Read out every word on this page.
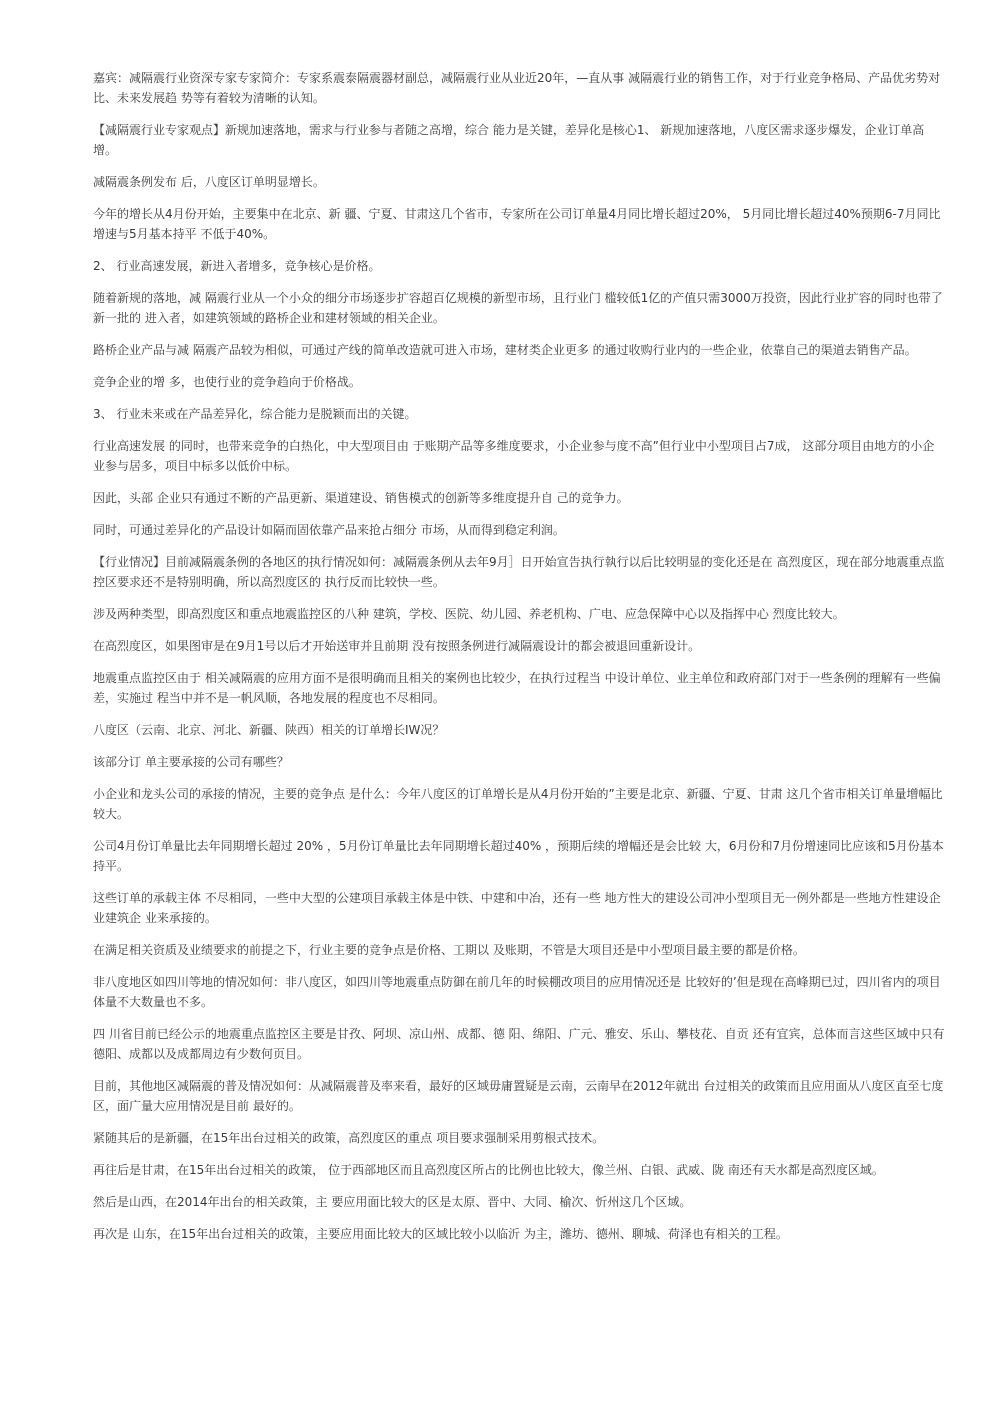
嘉宾：减隔震行业资深专家专家简介：专家系震泰隔震器材副总，减隔震行业从业近20年，—直从事 减隔震行业的销售工作，对于行业竞争格局、产品优劣势对比、未来发展趋 势等有着较为清晰的认知。

【减隔震行业专家观点】新规加速落地，需求与行业参与者随之高增，综合 能力是关键，差异化是核心1、 新规加速落地，八度区需求逐步爆发，企业订单高增。

减隔震条例发布 后，八度区订单明显增长。

今年的增长从4月份开始，主要集中在北京、新 疆、宁夏、甘肃这几个省市，专家所在公司订单量4月同比增长超过20%， 5月同比增长超过40%预期6-7月同比增速与5月基本持平 不低于40%。

2、 行业高速发展，新进入者增多，竞争核心是价格。

随着新规的落地，减 隔震行业从一个小众的细分市场逐步扩容超百亿规模的新型市场，且行业门 槛较低1亿的产值只需3000万投资，因此行业扩容的同时也带了新一批的 进入者，如建筑领域的路桥企业和建材领域的相关企业。

路桥企业产品与减 隔震产品较为相似，可通过产线的简单改造就可进入市场，建材类企业更多 的通过收购行业内的一些企业，依靠自己的渠道去销售产品。

竞争企业的增 多，也使行业的竞争趋向于价格战。

3、 行业未来或在产品差异化，综合能力是脱颖而出的关键。

行业高速发展 的同时，也带来竞争的白热化，中大型项目由 于账期产品等多维度要求，小企业参与度不高”但行业中小型项目占7成， 这部分项目由地方的小企业参与居多，项目中标多以低价中标。

因此，头部 企业只有通过不断的产品更新、渠道建设、销售模式的创新等多维度提升自 己的竞争力。

同时，可通过差异化的产品设计如隔而固依靠产品来抢占细分 市场，从而得到稳定利润。

【行业情况】目前减隔震条例的各地区的执行情况如何：减隔震条例从去年9月］日开始宣告执行執行以后比较明显的变化还是在 高烈度区，现在部分地震重点监控区要求还不是特别明确，所以高烈度区的 执行反而比较快一些。

涉及两种类型，即高烈度区和重点地震监控区的八种 建筑，学校、医院、幼儿园、养老机构、广电、应急保障中心以及指挥中心 烈度比较大。

在高烈度区，如果图审是在9月1号以后才开始送审并且前期 没有按照条例进行减隔震设计的都会被退回重新设计。

地震重点监控区由于 相关减隔震的应用方面不是很明确而且相关的案例也比较少，在执行过程当 中设计单位、业主单位和政府部门对于一些条例的理解有一些偏差，实施过 程当中并不是一帆风顺，各地发展的程度也不尽相同。

八度区（云南、北京、河北、新疆、陕西）相关的订单增长IW况？

该部分订 单主要承接的公司有哪些？

小企业和龙头公司的承接的情况，主要的竞争点 是什么：今年八度区的订单增长是从4月份开始的”主要是北京、新疆、宁夏、甘肃 这几个省市相关订单量增幅比较大。

公司4月份订单量比去年同期增长超过 20% ，5月份订单量比去年同期增长超过40% ，预期后续的增幅还是会比较 大，6月份和7月份增速同比应该和5月份基本持平。

这些订单的承载主体 不尽相同，一些中大型的公建项目承载主体是中铁、中建和中冶，还有一些 地方性大的建设公司冲小型项目无一例外都是一些地方性建设企业建筑企 业来承接的。

在满足相关资质及业绩要求的前提之下，行业主要的竞争点是价格、工期以 及账期，不管是大项目还是中小型项目最主要的都是价格。

非八度地区如四川等地的情况如何：非八度区，如四川等地震重点防御在前几年的时候棚改项目的应用情况还是 比较好的’但是现在高峰期已过，四川省内的项目 体量不大数量也不多。

四 川省目前已经公示的地震重点监控区主要是甘孜、阿坝、凉山州、成都、德 阳、绵阳、广元、雅安、乐山、攀枝花、自贡 还有宜宾，总体而言这些区域中只有德阳、成都以及成都周边有少数何页目。

目前，其他地区减隔震的普及情况如何：从减隔震普及率来看，最好的区域毋庸置疑是云南，云南早在2012年就出 台过相关的政策而且应用面从八度区直至七度区，面广量大应用情况是目前 最好的。

紧随其后的是新疆，在15年出台过相关的政策，高烈度区的重点 项目要求强制采用剪根式技术。

再往后是甘肃，在15年出台过相关的政策， 位于西部地区而且高烈度区所占的比例也比较大，像兰州、白银、武威、陇 南还有天水都是高烈度区域。

然后是山西，在2014年出台的相关政策，主 要应用面比较大的区是太原、晋中、大同、榆次、忻州这几个区域。

再次是 山东，在15年出台过相关的政策，主要应用面比较大的区域比较小以临沂 为主，潍坊、德州、聊城、荷泽也有相关的工程。
